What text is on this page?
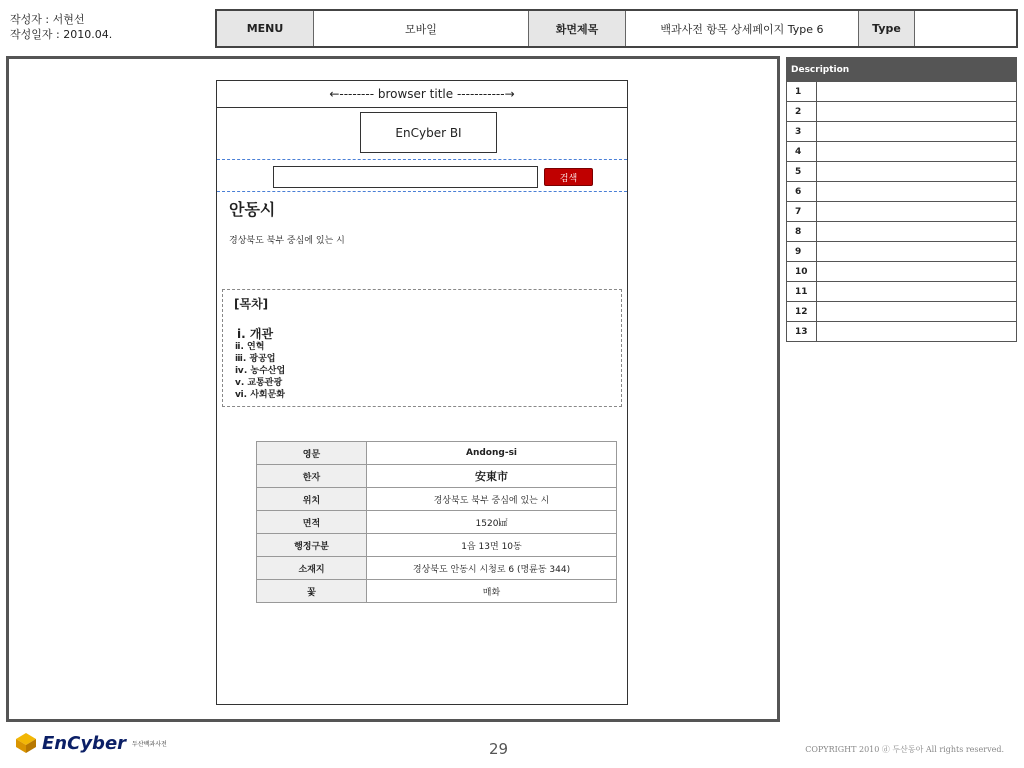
작성자 : 서현선
작성일자 : 2010.04.	MENU	모바일	화면제목	백과사전 항목 상세페이지 Type 6	Type
Description
1
2
3
4
5
6
7
8
9
10
11
12
13
←-------- browser title -----------→
EnCyber BI
검색
안동시
경상북도 북부 중심에 있는 시
[목차]
ⅰ. 개관
ⅱ. 연혁
ⅲ. 광공업
ⅳ. 농수산업
ⅴ. 교통관광
ⅵ. 사회문화
영문	Andong-si
한자	安東市
위치	경상북도 북부 중심에 있는 시
면적	1520㎢
행정구분	1읍 13면 10동
소재지	경상북도 안동시 시청로 6 (명륜동 344)
꽃	매화
EnCyber 두산백과사전	29	COPYRIGHT 2010 ⓓ 두산동아 All rights reserved.
